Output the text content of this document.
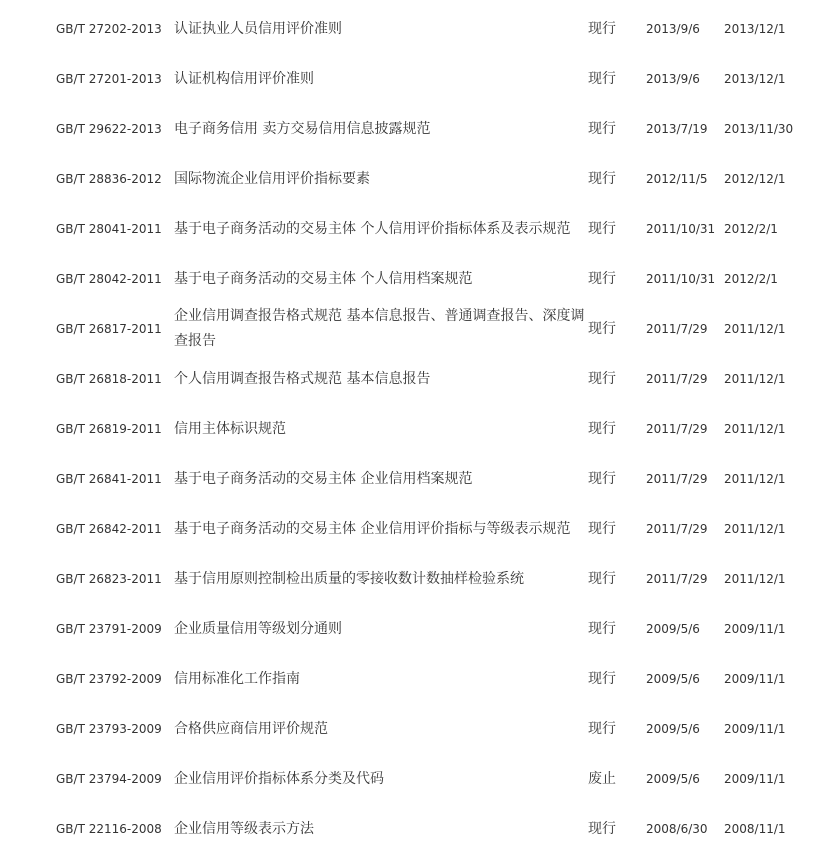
GB/T 27202-2013	认证执业人员信用评价准则	现行	2013/9/6	2013/12/1
GB/T 27201-2013	认证机构信用评价准则	现行	2013/9/6	2013/12/1
GB/T 29622-2013	电子商务信用 卖方交易信用信息披露规范	现行	2013/7/19	2013/11/30
GB/T 28836-2012	国际物流企业信用评价指标要素	现行	2012/11/5	2012/12/1
GB/T 28041-2011	基于电子商务活动的交易主体 个人信用评价指标体系及表示规范	现行	2011/10/31	2012/2/1
GB/T 28042-2011	基于电子商务活动的交易主体 个人信用档案规范	现行	2011/10/31	2012/2/1
GB/T 26817-2011	企业信用调查报告格式规范 基本信息报告、普通调查报告、深度调查报告	现行	2011/7/29	2011/12/1
GB/T 26818-2011	个人信用调查报告格式规范 基本信息报告	现行	2011/7/29	2011/12/1
GB/T 26819-2011	信用主体标识规范	现行	2011/7/29	2011/12/1
GB/T 26841-2011	基于电子商务活动的交易主体 企业信用档案规范	现行	2011/7/29	2011/12/1
GB/T 26842-2011	基于电子商务活动的交易主体 企业信用评价指标与等级表示规范	现行	2011/7/29	2011/12/1
GB/T 26823-2011	基于信用原则控制检出质量的零接收数计数抽样检验系统	现行	2011/7/29	2011/12/1
GB/T 23791-2009	企业质量信用等级划分通则	现行	2009/5/6	2009/11/1
GB/T 23792-2009	信用标准化工作指南	现行	2009/5/6	2009/11/1
GB/T 23793-2009	合格供应商信用评价规范	现行	2009/5/6	2009/11/1
GB/T 23794-2009	企业信用评价指标体系分类及代码	废止	2009/5/6	2009/11/1
GB/T 22116-2008	企业信用等级表示方法	现行	2008/6/30	2008/11/1
